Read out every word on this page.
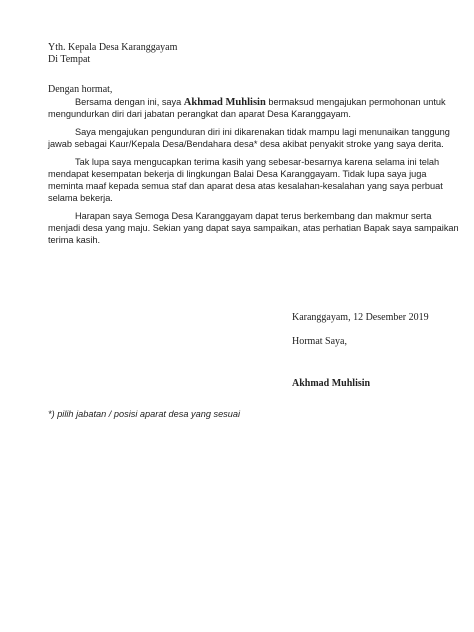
Yth. Kepala Desa Karanggayam
Di Tempat
Dengan hormat,
Bersama dengan ini, saya Akhmad Muhlisin bermaksud mengajukan permohonan untuk
mengundurkan diri dari jabatan perangkat dan aparat Desa Karanggayam.
Saya mengajukan pengunduran diri ini dikarenakan tidak mampu lagi menunaikan tanggung
jawab sebagai Kaur/Kepala Desa/Bendahara desa* desa akibat penyakit stroke yang saya derita.
Tak lupa saya mengucapkan terima kasih yang sebesar-besarnya karena selama ini telah
mendapat kesempatan bekerja di lingkungan Balai Desa Karanggayam. Tidak lupa saya juga
meminta maaf kepada semua staf dan aparat desa atas kesalahan-kesalahan yang saya perbuat
selama bekerja.
Harapan saya Semoga Desa Karanggayam dapat terus berkembang dan makmur serta
menjadi desa yang maju. Sekian yang dapat saya sampaikan, atas perhatian Bapak saya sampaikan
terima kasih.
Karanggayam, 12 Desember 2019
Hormat Saya,
Akhmad Muhlisin
*) pilih jabatan / posisi aparat desa yang sesuai
